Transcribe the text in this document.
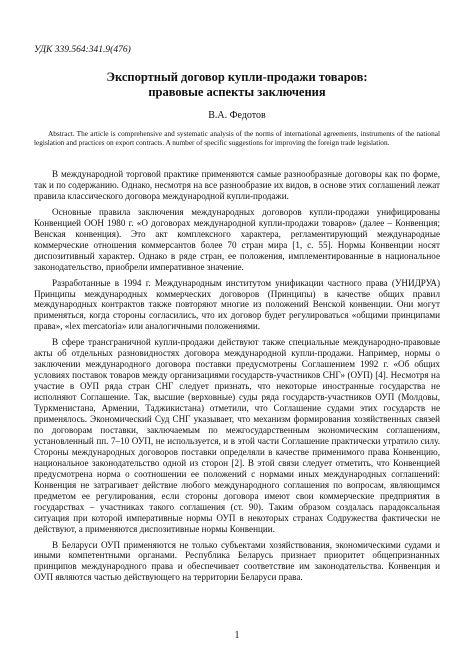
УДК 339.564:341.9(476)
Экспортный договор купли-продажи товаров:
правовые аспекты заключения
В.А. Федотов
Abstract. The article is comprehensive and systematic analysis of the norms of international agreements, instruments of the national legislation and practices on export contracts. A number of specific suggestions for improving the foreign trade legislation.

В международной торговой практике применяются самые разнообразные договоры как по форме, так и по содержанию. Однако, несмотря на все разнообразие их видов, в основе этих соглашений лежат правила классического договора международной купли-продажи.

Основные правила заключения международных договоров купли-продажи унифицированы Конвенцией ООН 1980 г. «О договорах международной купли-продажи товаров» (далее – Конвенция; Венская конвенция). Это акт комплексного характера, регламентирующий международные коммерческие отношения коммерсантов более 70 стран мира [1, с. 55]. Нормы Конвенции носят диспозитивный характер. Однако в ряде стран, ее положения, имплементированные в национальное законодательство, приобрели императивное значение.

Разработанные в 1994 г. Международным институтом унификации частного права (УНИДРУА) Принципы международных коммерческих договоров (Принципы) в качестве общих правил международных контрактов также повторяют многие из положений Венской конвенции. Они могут применяться, когда стороны согласились, что их договор будет регулироваться «общими принципами права», «lex mercatoria» или аналогичными положениями.

В сфере трансграничной купли-продажи действуют также специальные международно-правовые акты об отдельных разновидностях договора международной купли-продажи. Например, нормы о заключении международного договора поставки предусмотрены Соглашением 1992 г. «Об общих условиях поставок товаров между организациями государств-участников СНГ» (ОУП) [4]. Несмотря на участие в ОУП ряда стран СНГ следует признать, что некоторые иностранные государства не исполняют Соглашение. Так, высшие (верховные) суды ряда государств-участников ОУП (Молдовы, Туркменистана, Армении, Таджикистана) отметили, что Соглашение судами этих государств не применялось. Экономический Суд СНГ указывает, что механизм формирования хозяйственных связей по договорам поставки, заключаемым по межгосударственным экономическим соглашениям, установленный пп. 7–10 ОУП, не используется, и в этой части Соглашение практически утратило силу. Стороны международных договоров поставки определяли в качестве применимого права Конвенцию, национальное законодательство одной из сторон [2]. В этой связи следует отметить, что Конвенцией предусмотрена норма о соотношении ее положений с нормами иных международных соглашений: Конвенция не затрагивает действие любого международного соглашения по вопросам, являющимся предметом ее регулирования, если стороны договора имеют свои коммерческие предприятия в государствах – участниках такого соглашения (ст. 90). Таким образом создалась парадоксальная ситуация при которой императивные нормы ОУП в некоторых странах Содружества фактически не действуют, а применяются диспозитивные нормы Конвенции.

В Беларуси ОУП применяются не только субъектами хозяйствования, экономическими судами и иными компетентными органами. Республика Беларусь признает приоритет общепризнанных принципов международного права и обеспечивает соответствие им законодательства. Конвенция и ОУП являются частью действующего на территории Беларуси права.

1
